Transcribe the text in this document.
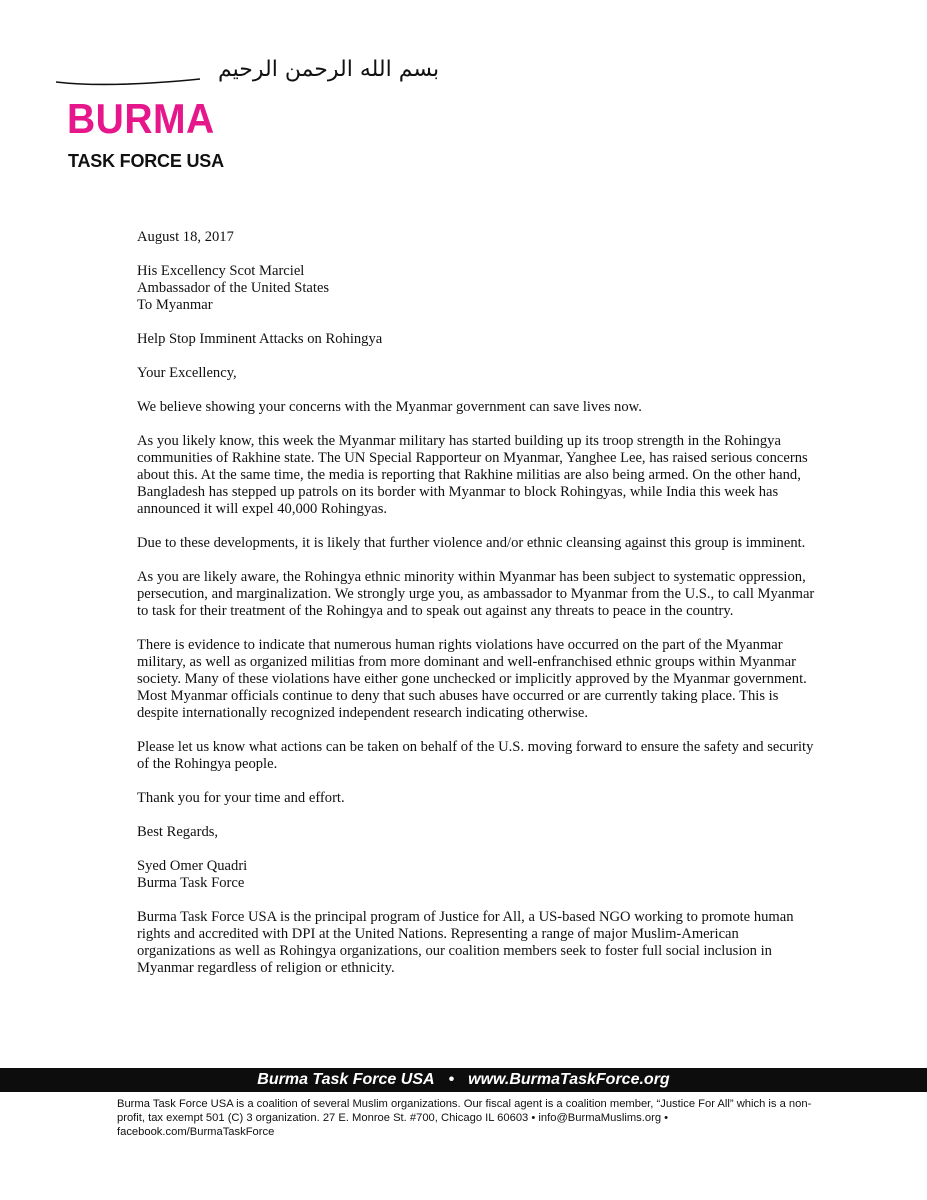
بسم الله الرحمن الرحيم
BURMA
TASK FORCE USA

August 18, 2017

His Excellency Scot Marciel
Ambassador of the United States
To Myanmar

Help Stop Imminent Attacks on Rohingya

Your Excellency,

We believe showing your concerns with the Myanmar government can save lives now.

As you likely know, this week the Myanmar military has started building up its troop strength in the Rohingya communities of Rakhine state. The UN Special Rapporteur on Myanmar, Yanghee Lee, has raised serious concerns about this. At the same time, the media is reporting that Rakhine militias are also being armed. On the other hand, Bangladesh has stepped up patrols on its border with Myanmar to block Rohingyas, while India this week has announced it will expel 40,000 Rohingyas.

Due to these developments, it is likely that further violence and/or ethnic cleansing against this group is imminent.

As you are likely aware, the Rohingya ethnic minority within Myanmar has been subject to systematic oppression, persecution, and marginalization. We strongly urge you, as ambassador to Myanmar from the U.S., to call Myanmar to task for their treatment of the Rohingya and to speak out against any threats to peace in the country.

There is evidence to indicate that numerous human rights violations have occurred on the part of the Myanmar military, as well as organized militias from more dominant and well-enfranchised ethnic groups within Myanmar society. Many of these violations have either gone unchecked or implicitly approved by the Myanmar government. Most Myanmar officials continue to deny that such abuses have occurred or are currently taking place. This is despite internationally recognized independent research indicating otherwise.

Please let us know what actions can be taken on behalf of the U.S. moving forward to ensure the safety and security of the Rohingya people.

Thank you for your time and effort.

Best Regards,

Syed Omer Quadri
Burma Task Force

Burma Task Force USA is the principal program of Justice for All, a US-based NGO working to promote human rights and accredited with DPI at the United Nations. Representing a range of major Muslim-American organizations as well as Rohingya organizations, our coalition members seek to foster full social inclusion in Myanmar regardless of religion or ethnicity.

Burma Task Force USA • www.BurmaTaskForce.org
Burma Task Force USA is a coalition of several Muslim organizations. Our fiscal agent is a coalition member, “Justice For All” which is a non-profit, tax exempt 501 (C) 3 organization. 27 E. Monroe St. #700, Chicago IL 60603 • info@BurmaMuslims.org • facebook.com/BurmaTaskForce
